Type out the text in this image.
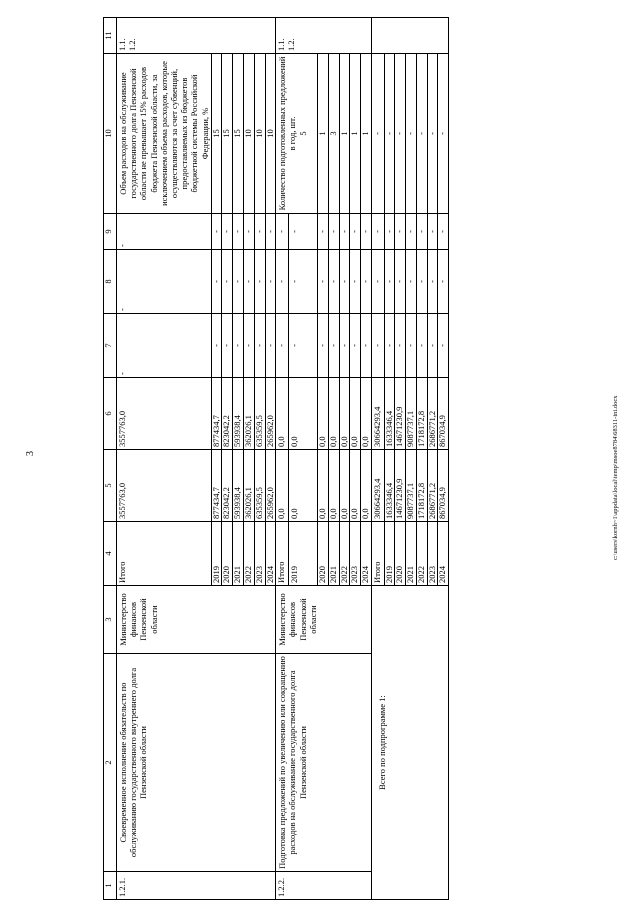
3
1	2	3	4	5	6	7	8	9	10	11
1.2.1.	Своевременное исполнение обязательств по обслуживанию государственного внутреннего долга Пензенской области	Министерство финансов Пензенской области	Итого	3557763,0	3557763,0	-	-	-	Объем расходов на обслуживание государственного долга Пензенской области не превышает 15% расходов бюджета Пензенской области, за исключением объема расходов, которые осуществляются за счет субвенций, предоставляемых из бюджетов бюджетной системы Российской Федерации, %	1.1.
1.2.
			2019	877434,7	877434,7	-	-	-	15	
			2020	823042,2	823042,2	-	-	-	15	
			2021	593938,4	593938,4	-	-	-	15	
			2022	362026,1	362026,1	-	-	-	10	
			2023	635359,5	635359,5	-	-	-	10	
			2024	265962,0	265962,0	-	-	-	10	
1.2.2.	Подготовка предложений по увеличению или сокращению расходов на обслуживание государственного долга Пензенской области	Министерство финансов Пензенской области	Итого	0,0	0,0	-	-	-	Количество подготовленных предложений в год, шт.
5	1.1.
1.2.
			2019	0,0	0,0	-	-	-		
			2020	0,0	0,0	-	-	-	1	
			2021	0,0	0,0	-	-	-	3	
			2022	0,0	0,0	-	-	-	1	
			2023	0,0	0,0	-	-	-	1	
			2024	0,0	0,0	-	-	-	1	
Всего по подпрограмме 1:			Итого	30664293,4	30664293,4	-	-	-	-	
			2019	1633346,4	1633346,4	-	-	-	-	
			2020	14671230,9	14671230,9	-	-	-	-	
			2021	9087737,1	9087737,1	-	-	-	-	
			2022	1718172,8	1718172,8	-	-	-	-	
			2023	2686771,2	2686771,2	-	-	-	-	
			2024	867034,9	867034,9	-	-	-	-	
c:\users\kornh~1\appdata\local\temp\msoe8784\68311-ini.docx
